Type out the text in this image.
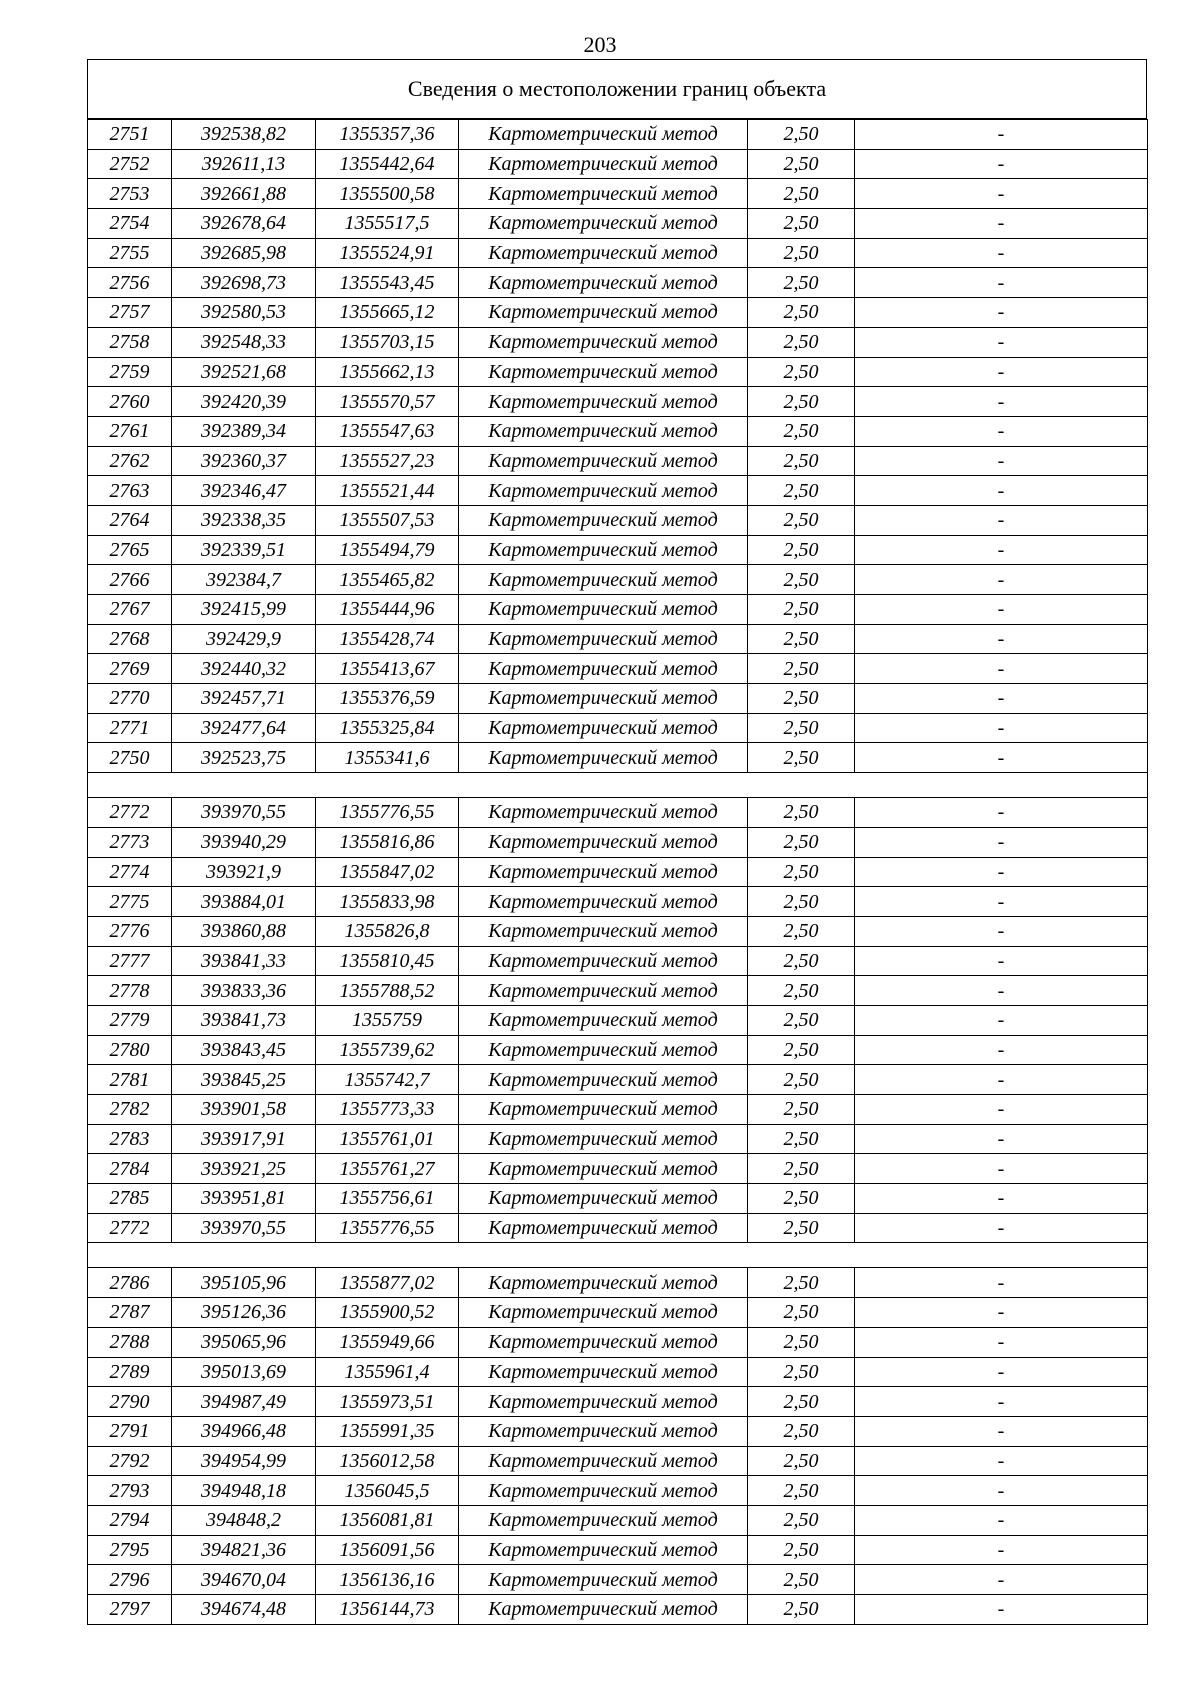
203
Сведения о местоположении границ объекта
2751	392538,82	1355357,36	Картометрический метод	2,50	-
2752	392611,13	1355442,64	Картометрический метод	2,50	-
2753	392661,88	1355500,58	Картометрический метод	2,50	-
2754	392678,64	1355517,5	Картометрический метод	2,50	-
2755	392685,98	1355524,91	Картометрический метод	2,50	-
2756	392698,73	1355543,45	Картометрический метод	2,50	-
2757	392580,53	1355665,12	Картометрический метод	2,50	-
2758	392548,33	1355703,15	Картометрический метод	2,50	-
2759	392521,68	1355662,13	Картометрический метод	2,50	-
2760	392420,39	1355570,57	Картометрический метод	2,50	-
2761	392389,34	1355547,63	Картометрический метод	2,50	-
2762	392360,37	1355527,23	Картометрический метод	2,50	-
2763	392346,47	1355521,44	Картометрический метод	2,50	-
2764	392338,35	1355507,53	Картометрический метод	2,50	-
2765	392339,51	1355494,79	Картометрический метод	2,50	-
2766	392384,7	1355465,82	Картометрический метод	2,50	-
2767	392415,99	1355444,96	Картометрический метод	2,50	-
2768	392429,9	1355428,74	Картометрический метод	2,50	-
2769	392440,32	1355413,67	Картометрический метод	2,50	-
2770	392457,71	1355376,59	Картометрический метод	2,50	-
2771	392477,64	1355325,84	Картометрический метод	2,50	-
2750	392523,75	1355341,6	Картометрический метод	2,50	-

2772	393970,55	1355776,55	Картометрический метод	2,50	-
2773	393940,29	1355816,86	Картометрический метод	2,50	-
2774	393921,9	1355847,02	Картометрический метод	2,50	-
2775	393884,01	1355833,98	Картометрический метод	2,50	-
2776	393860,88	1355826,8	Картометрический метод	2,50	-
2777	393841,33	1355810,45	Картометрический метод	2,50	-
2778	393833,36	1355788,52	Картометрический метод	2,50	-
2779	393841,73	1355759	Картометрический метод	2,50	-
2780	393843,45	1355739,62	Картометрический метод	2,50	-
2781	393845,25	1355742,7	Картометрический метод	2,50	-
2782	393901,58	1355773,33	Картометрический метод	2,50	-
2783	393917,91	1355761,01	Картометрический метод	2,50	-
2784	393921,25	1355761,27	Картометрический метод	2,50	-
2785	393951,81	1355756,61	Картометрический метод	2,50	-
2772	393970,55	1355776,55	Картометрический метод	2,50	-

2786	395105,96	1355877,02	Картометрический метод	2,50	-
2787	395126,36	1355900,52	Картометрический метод	2,50	-
2788	395065,96	1355949,66	Картометрический метод	2,50	-
2789	395013,69	1355961,4	Картометрический метод	2,50	-
2790	394987,49	1355973,51	Картометрический метод	2,50	-
2791	394966,48	1355991,35	Картометрический метод	2,50	-
2792	394954,99	1356012,58	Картометрический метод	2,50	-
2793	394948,18	1356045,5	Картометрический метод	2,50	-
2794	394848,2	1356081,81	Картометрический метод	2,50	-
2795	394821,36	1356091,56	Картометрический метод	2,50	-
2796	394670,04	1356136,16	Картометрический метод	2,50	-
2797	394674,48	1356144,73	Картометрический метод	2,50	-
